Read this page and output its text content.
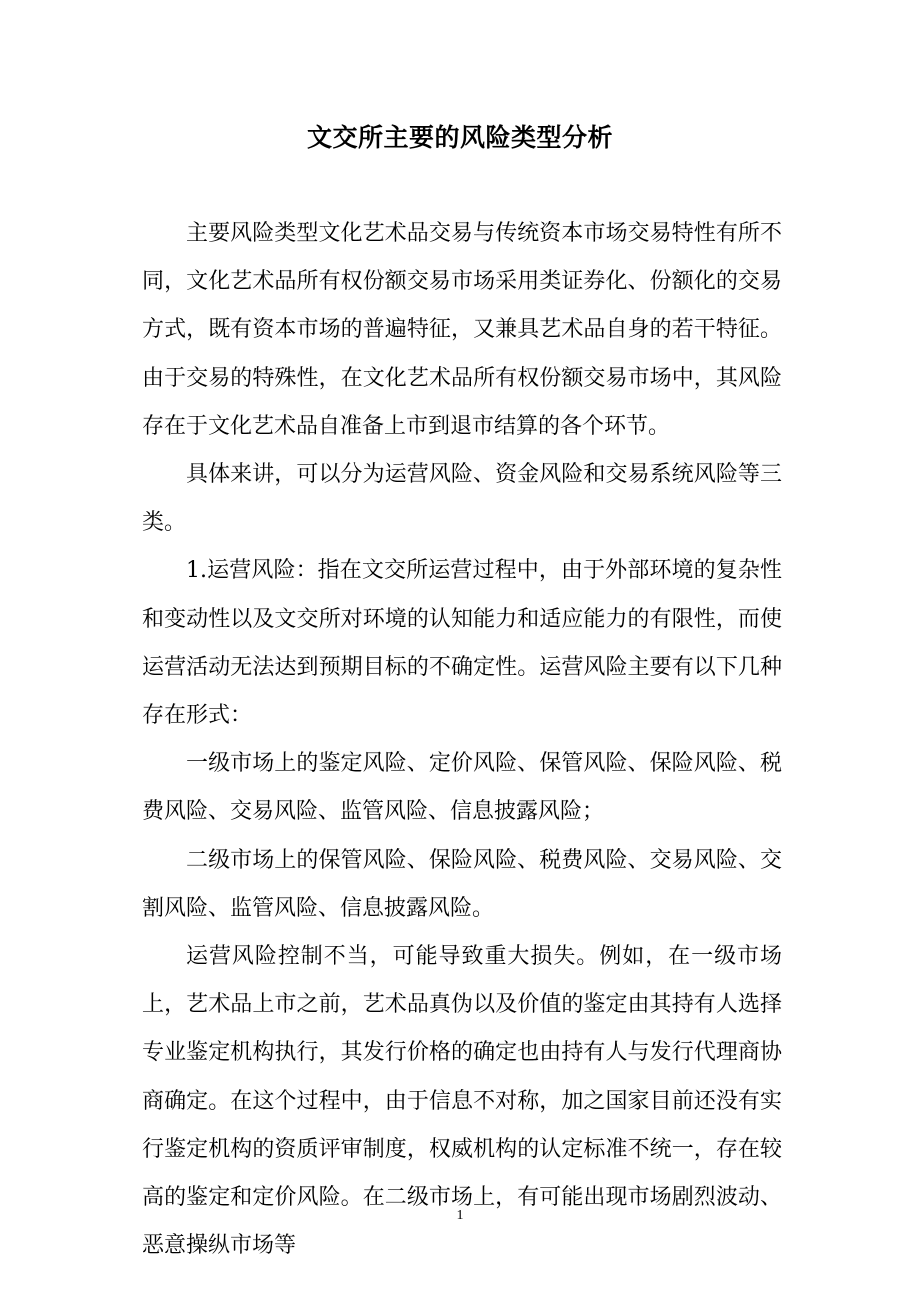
文交所主要的风险类型分析

主要风险类型文化艺术品交易与传统资本市场交易特性有所不同，文化艺术品所有权份额交易市场采用类证券化、份额化的交易方式，既有资本市场的普遍特征，又兼具艺术品自身的若干特征。由于交易的特殊性，在文化艺术品所有权份额交易市场中，其风险存在于文化艺术品自准备上市到退市结算的各个环节。

具体来讲，可以分为运营风险、资金风险和交易系统风险等三类。

1.运营风险：指在文交所运营过程中，由于外部环境的复杂性和变动性以及文交所对环境的认知能力和适应能力的有限性，而使运营活动无法达到预期目标的不确定性。运营风险主要有以下几种存在形式：

一级市场上的鉴定风险、定价风险、保管风险、保险风险、税费风险、交易风险、监管风险、信息披露风险；

二级市场上的保管风险、保险风险、税费风险、交易风险、交割风险、监管风险、信息披露风险。

运营风险控制不当，可能导致重大损失。例如，在一级市场上，艺术品上市之前，艺术品真伪以及价值的鉴定由其持有人选择专业鉴定机构执行，其发行价格的确定也由持有人与发行代理商协商确定。在这个过程中，由于信息不对称，加之国家目前还没有实行鉴定机构的资质评审制度，权威机构的认定标准不统一，存在较高的鉴定和定价风险。在二级市场上，有可能出现市场剧烈波动、恶意操纵市场等

1
